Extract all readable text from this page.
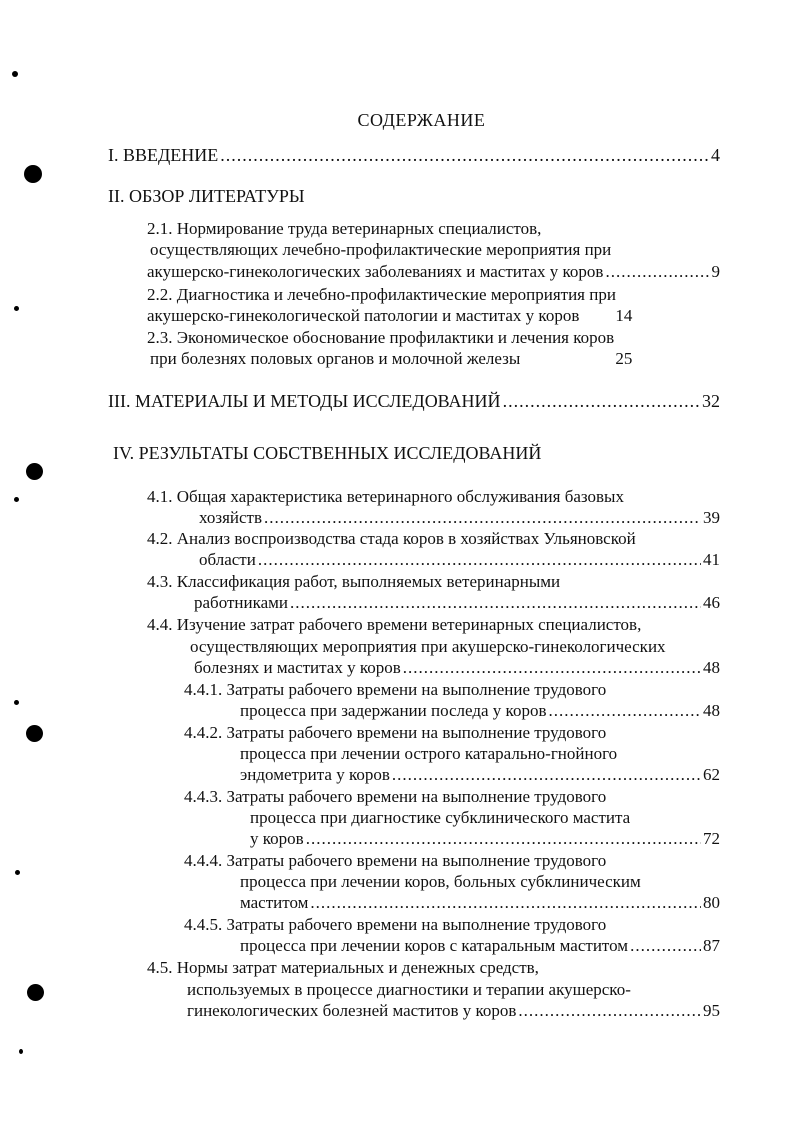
СОДЕРЖАНИЕ
I. ВВЕДЕНИЕ .....	4
II. ОБЗОР ЛИТЕРАТУРЫ
2.1. Нормирование труда ветеринарных специалистов,
осуществляющих лечебно-профилактические мероприятия при
акушерско-гинекологических заболеваниях и маститах у коров .....	9
2.2. Диагностика и лечебно-профилактические мероприятия при
акушерско-гинекологической патологии и маститах у коров 14
2.3. Экономическое обоснование профилактики и лечения коров
при болезнях половых органов и молочной железы	25
III. МАТЕРИАЛЫ И МЕТОДЫ ИССЛЕДОВАНИЙ .....	32
IV. РЕЗУЛЬТАТЫ СОБСТВЕННЫХ ИССЛЕДОВАНИЙ
4.1. Общая характеристика ветеринарного обслуживания базовых
хозяйств .....	39
4.2. Анализ воспроизводства стада коров в хозяйствах Ульяновской
области .....	41
4.3. Классификация работ, выполняемых ветеринарными
работниками .....	46
4.4. Изучение затрат рабочего времени ветеринарных специалистов,
осуществляющих мероприятия при акушерско-гинекологических
болезнях и маститах у коров .....	48
4.4.1. Затраты рабочего времени на выполнение трудового
процесса при задержании последа у коров .....	48
4.4.2. Затраты рабочего времени на выполнение трудового
процесса при лечении острого катарально-гнойного
эндометрита у коров .....	62
4.4.3. Затраты рабочего времени на выполнение трудового
процесса при диагностике субклинического мастита
у коров .....	72
4.4.4. Затраты рабочего времени на выполнение трудового
процесса при лечении коров, больных субклиническим
маститом .....	80
4.4.5. Затраты рабочего времени на выполнение трудового
процесса при лечении коров с катаральным маститом .....	87
4.5. Нормы затрат материальных и денежных средств,
используемых в процессе диагностики и терапии акушерско-
гинекологических болезней маститов у коров .....	95
